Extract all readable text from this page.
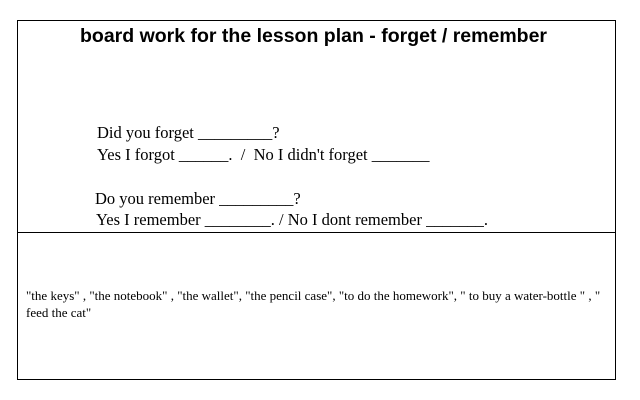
board work for the lesson plan - forget / remember
Did you forget _________?
Yes I forgot ______.  /  No I didn't forget _______
Do you remember _________?
Yes I remember ________. / No I dont remember _______.

"the keys" , "the notebook" , "the wallet", "the pencil case", "to do the homework", " to buy a water-bottle " , " feed the cat"
